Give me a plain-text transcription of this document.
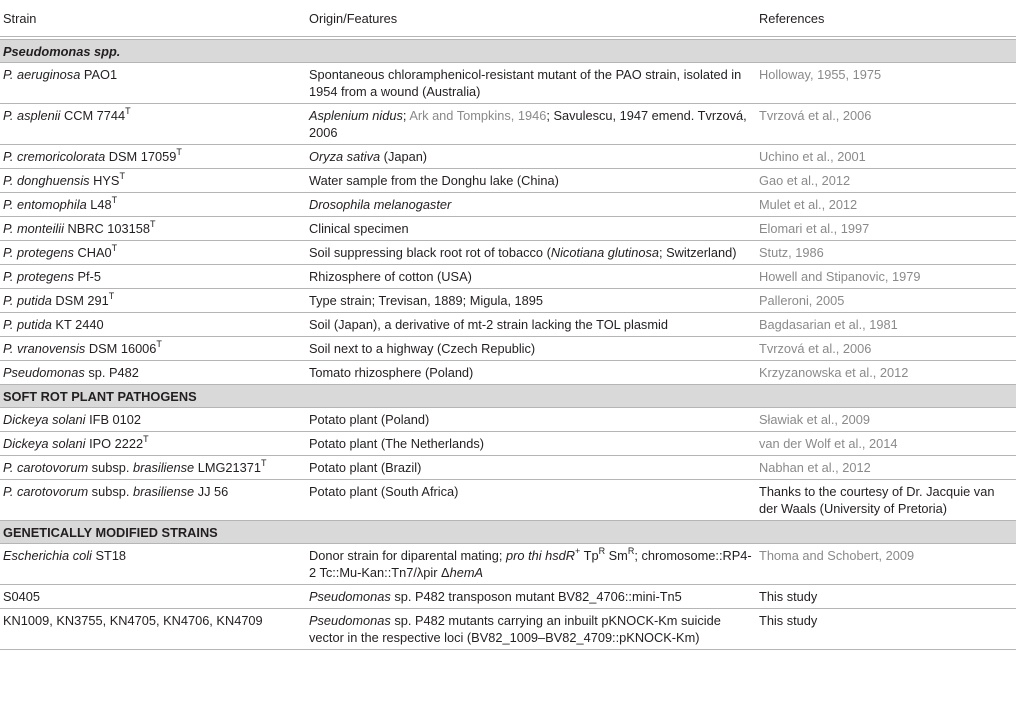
Strain	Origin/Features	References

Pseudomonas spp.		
P. aeruginosa PAO1	Spontaneous chloramphenicol-resistant mutant of the PAO strain, isolated in 1954 from a wound (Australia)	Holloway, 1955, 1975
P. asplenii CCM $7744^T$	Asplenium nidus; Ark and Tompkins, 1946; Savulescu, 1947 emend. Tvrzová, 2006	Tvrzová et al., 2006
P. cremoricolorata DSM $17059^T$	Oryza sativa (Japan)	Uchino et al., 2001
P. donghuensis $HYS^T$	Water sample from the Donghu lake (China)	Gao et al., 2012
P. entomophila $L48^T$	Drosophila melanogaster	Mulet et al., 2012
P. monteilii NBRC $103158^T$	Clinical specimen	Elomari et al., 1997
P. protegens $CHA0^T$	Soil suppressing black root rot of tobacco (Nicotiana glutinosa; Switzerland)	Stutz, 1986
P. protegens Pf-5	Rhizosphere of cotton (USA)	Howell and Stipanovic, 1979
P. putida DSM $291^T$	Type strain; Trevisan, 1889; Migula, 1895	Palleroni, 2005
P. putida KT 2440	Soil (Japan), a derivative of mt-2 strain lacking the TOL plasmid	Bagdasarian et al., 1981
P. vranovensis DSM $16006^T$	Soil next to a highway (Czech Republic)	Tvrzová et al., 2006
Pseudomonas sp. P482	Tomato rhizosphere (Poland)	Krzyzanowska et al., 2012
SOFT ROT PLANT PATHOGENS		
Dickeya solani IFB 0102	Potato plant (Poland)	Sławiak et al., 2009
Dickeya solani IPO $2222^T$	Potato plant (The Netherlands)	van der Wolf et al., 2014
P. carotovorum subsp. brasiliense $LMG21371^T$	Potato plant (Brazil)	Nabhan et al., 2012
P. carotovorum subsp. brasiliense JJ 56	Potato plant (South Africa)	Thanks to the courtesy of Dr. Jacquie van der Waals (University of Pretoria)
GENETICALLY MODIFIED STRAINS		
Escherichia coli ST18	Donor strain for diparental mating; pro thi hsdR+ $Tp^R$ $Sm^R$; chromosome::RP4-2 Tc::Mu-Kan::Tn7/λpir ΔhemA	Thoma and Schobert, 2009
S0405	Pseudomonas sp. P482 transposon mutant BV82_4706::mini-Tn5	This study
KN1009, KN3755, KN4705, KN4706, KN4709	Pseudomonas sp. P482 mutants carrying an inbuilt pKNOCK-Km suicide vector in the respective loci (BV82_1009–BV82_4709::pKNOCK-Km)	This study
